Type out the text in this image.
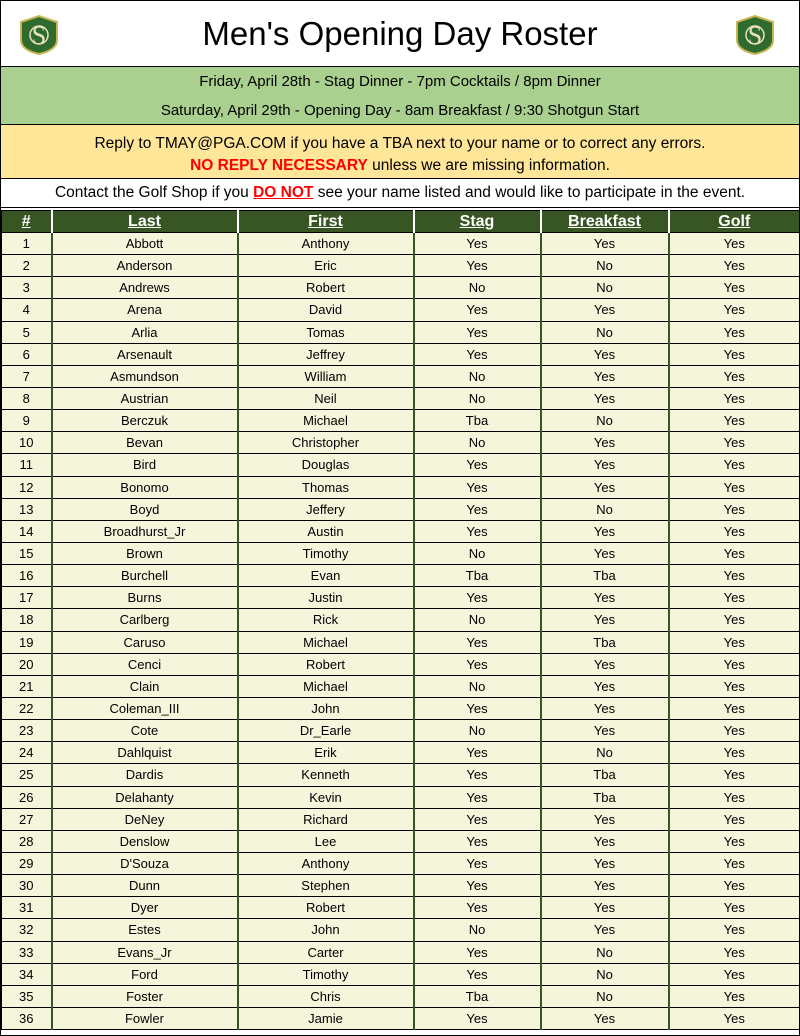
S	Men's Opening Day Roster	S
Friday, April 28th - Stag Dinner - 7pm Cocktails / 8pm Dinner
Saturday, April 29th - Opening Day - 8am Breakfast / 9:30 Shotgun Start
Reply to TMAY@PGA.COM if you have a TBA next to your name or to correct any errors.
NO REPLY NECESSARY unless we are missing information.
Contact the Golf Shop if you DO NOT see your name listed and would like to participate in the event.
#	Last	First	Stag	Breakfast	Golf
1	Abbott	Anthony	Yes	Yes	Yes
2	Anderson	Eric	Yes	No	Yes
3	Andrews	Robert	No	No	Yes
4	Arena	David	Yes	Yes	Yes
5	Arlia	Tomas	Yes	No	Yes
6	Arsenault	Jeffrey	Yes	Yes	Yes
7	Asmundson	William	No	Yes	Yes
8	Austrian	Neil	No	Yes	Yes
9	Berczuk	Michael	Tba	No	Yes
10	Bevan	Christopher	No	Yes	Yes
11	Bird	Douglas	Yes	Yes	Yes
12	Bonomo	Thomas	Yes	Yes	Yes
13	Boyd	Jeffery	Yes	No	Yes
14	Broadhurst_Jr	Austin	Yes	Yes	Yes
15	Brown	Timothy	No	Yes	Yes
16	Burchell	Evan	Tba	Tba	Yes
17	Burns	Justin	Yes	Yes	Yes
18	Carlberg	Rick	No	Yes	Yes
19	Caruso	Michael	Yes	Tba	Yes
20	Cenci	Robert	Yes	Yes	Yes
21	Clain	Michael	No	Yes	Yes
22	Coleman_III	John	Yes	Yes	Yes
23	Cote	Dr_Earle	No	Yes	Yes
24	Dahlquist	Erik	Yes	No	Yes
25	Dardis	Kenneth	Yes	Tba	Yes
26	Delahanty	Kevin	Yes	Tba	Yes
27	DeNey	Richard	Yes	Yes	Yes
28	Denslow	Lee	Yes	Yes	Yes
29	D'Souza	Anthony	Yes	Yes	Yes
30	Dunn	Stephen	Yes	Yes	Yes
31	Dyer	Robert	Yes	Yes	Yes
32	Estes	John	No	Yes	Yes
33	Evans_Jr	Carter	Yes	No	Yes
34	Ford	Timothy	Yes	No	Yes
35	Foster	Chris	Tba	No	Yes
36	Fowler	Jamie	Yes	Yes	Yes
